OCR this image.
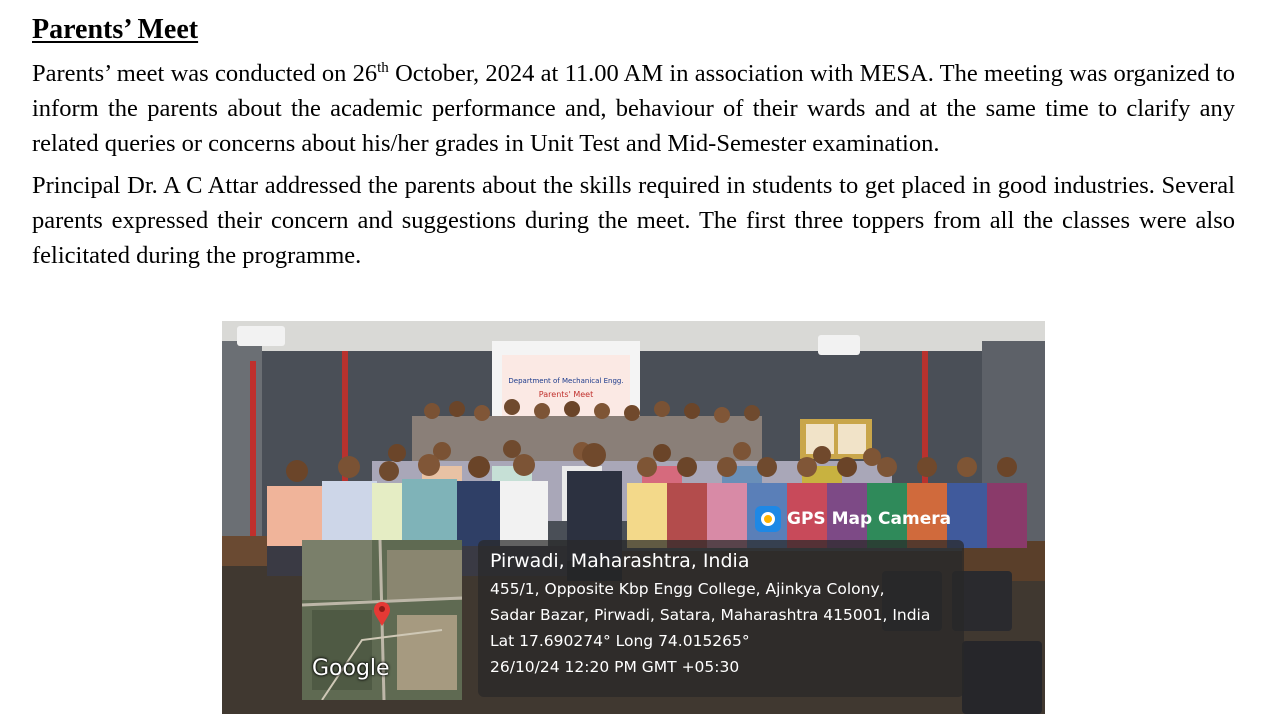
Parents’ Meet

Parents’ meet was conducted on 26th October, 2024 at 11.00 AM in association with MESA. The meeting was organized to inform the parents about the academic performance and, behaviour of their wards and at the same time to clarify any related queries or concerns about his/her grades in Unit Test and Mid-Semester examination.

Principal Dr. A C Attar addressed the parents about the skills required in students to get placed in good industries. Several parents expressed their concern and suggestions during the meet. The first three toppers from all the classes were also felicitated during the programme.

Department of Mechanical Engg.
Parents' Meet
GPS Map Camera
Google
Pirwadi, Maharashtra, India
455/1, Opposite Kbp Engg College, Ajinkya Colony,
Sadar Bazar, Pirwadi, Satara, Maharashtra 415001, India
Lat 17.690274° Long 74.015265°
26/10/24 12:20 PM GMT +05:30
